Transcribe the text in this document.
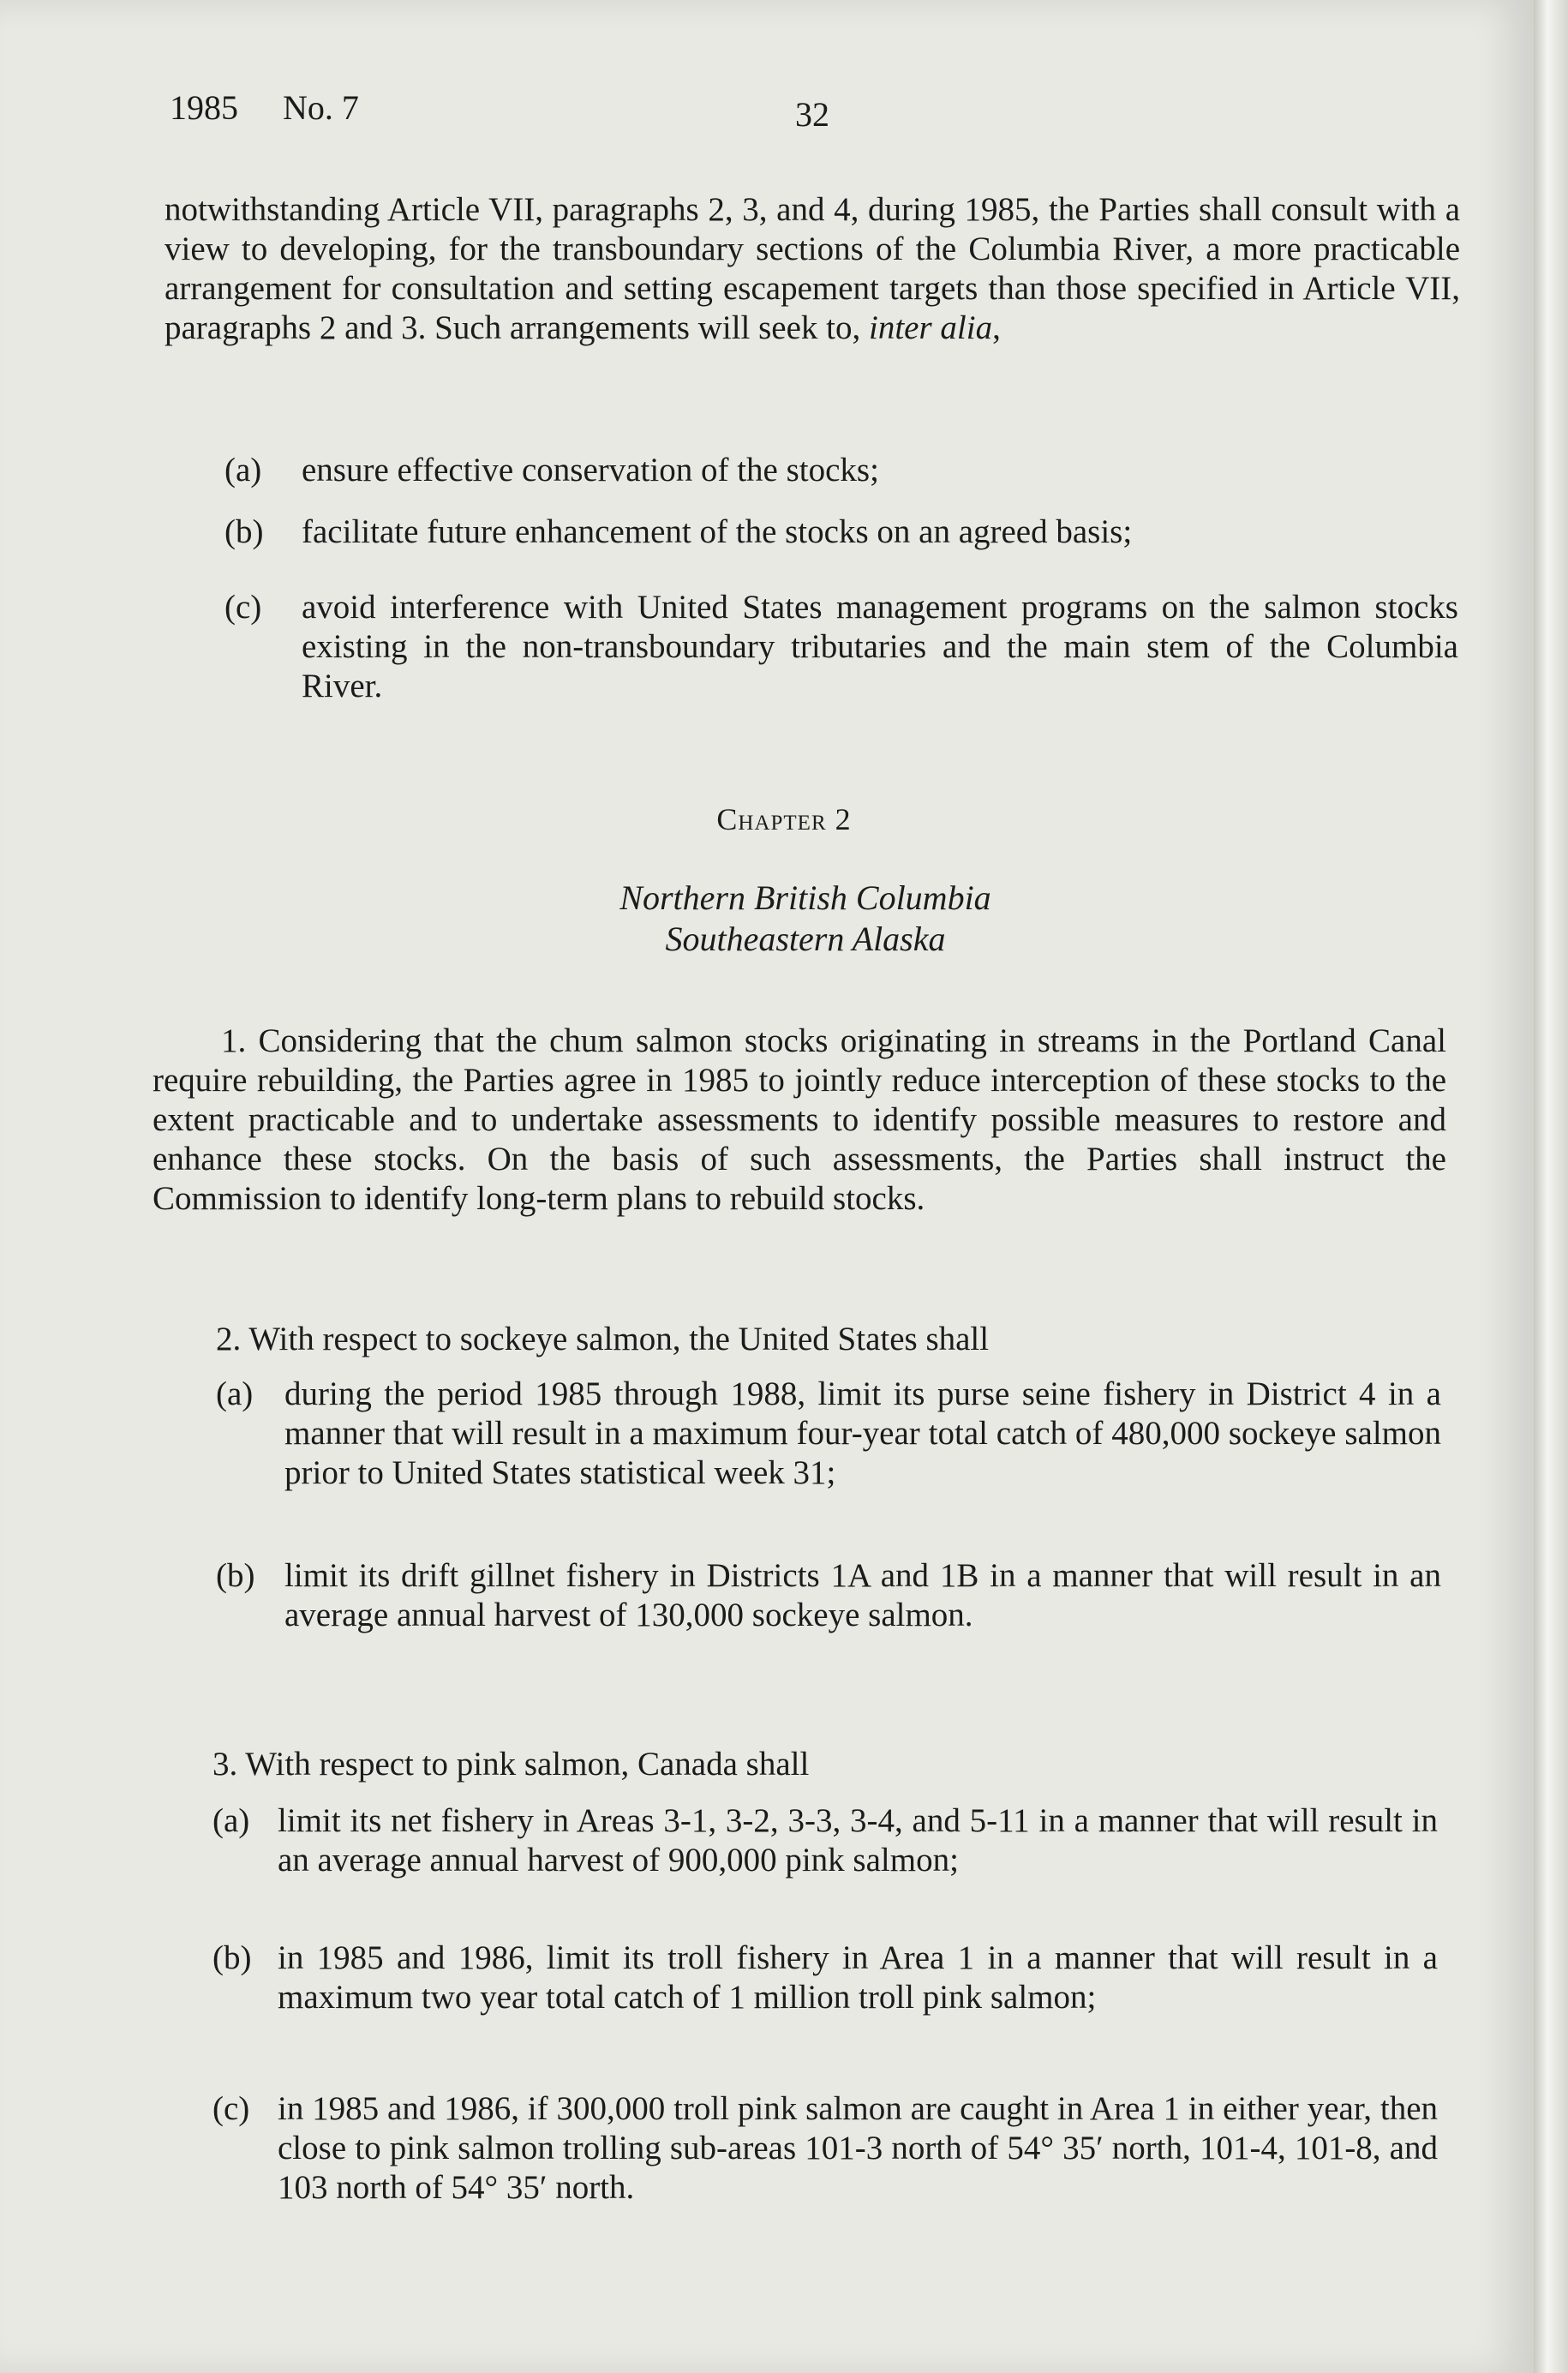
1985 No. 7	32

notwithstanding Article VII, paragraphs 2, 3, and 4, during 1985, the Parties shall consult with a view to developing, for the transboundary sections of the Columbia River, a more practicable arrangement for consultation and setting escapement targets than those specified in Article VII, paragraphs 2 and 3. Such arrangements will seek to, inter alia,

(a)	ensure effective conservation of the stocks;
(b)	facilitate future enhancement of the stocks on an agreed basis;
(c)	avoid interference with United States management programs on the salmon stocks existing in the non-transboundary tributaries and the main stem of the Columbia River.
Chapter 2
Northern British Columbia
Southeastern Alaska

1. Considering that the chum salmon stocks originating in streams in the Portland Canal require rebuilding, the Parties agree in 1985 to jointly reduce interception of these stocks to the extent practicable and to undertake assessments to identify possible measures to restore and enhance these stocks. On the basis of such assessments, the Parties shall instruct the Commission to identify long-term plans to rebuild stocks.

2. With respect to sockeye salmon, the United States shall
(a) during the period 1985 through 1988, limit its purse seine fishery in District 4 in a manner that will result in a maximum four-year total catch of 480,000 sockeye salmon prior to United States statistical week 31;
(b) limit its drift gillnet fishery in Districts 1A and 1B in a manner that will result in an average annual harvest of 130,000 sockeye salmon.
3. With respect to pink salmon, Canada shall
(a) limit its net fishery in Areas 3-1, 3-2, 3-3, 3-4, and 5-11 in a manner that will result in an average annual harvest of 900,000 pink salmon;
(b) in 1985 and 1986, limit its troll fishery in Area 1 in a manner that will result in a maximum two year total catch of 1 million troll pink salmon;
(c) in 1985 and 1986, if 300,000 troll pink salmon are caught in Area 1 in either year, then close to pink salmon trolling sub-areas 101-3 north of 54° 35′ north, 101-4, 101-8, and 103 north of 54° 35′ north.
